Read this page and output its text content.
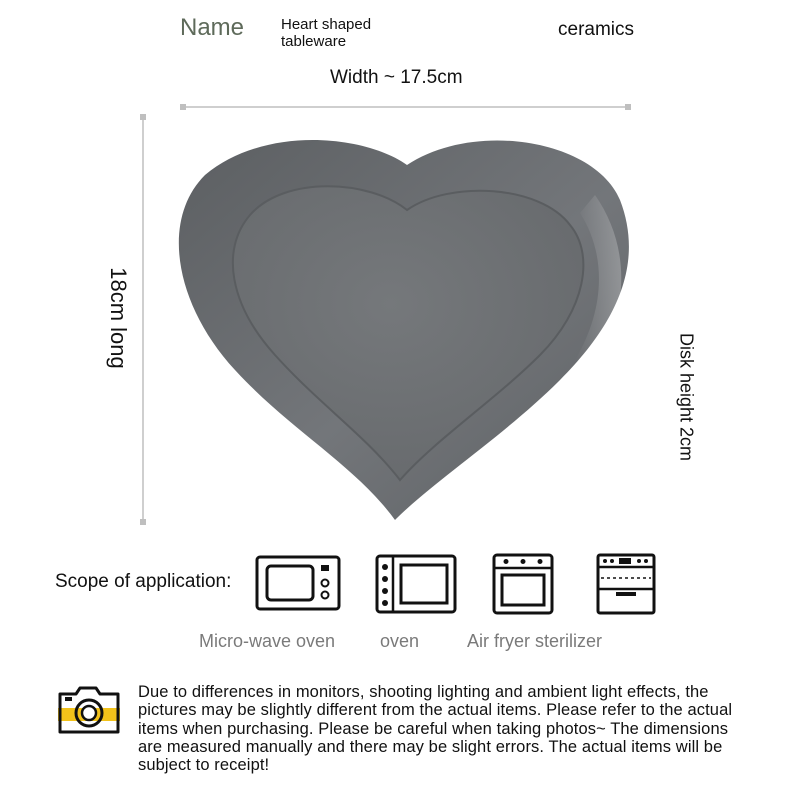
Name Heart shaped
tableware
ceramics
Width ~ 17.5cm
18cm long
Disk height 2cm
Scope of application:
Micro-wave oven oven	Air fryer sterilizer

Due to differences in monitors, shooting lighting and ambient light effects, the pictures may be slightly different from the actual items. Please refer to the actual items when purchasing. Please be careful when taking photos~ The dimensions are measured manually and there may be slight errors. The actual items will be subject to receipt!
